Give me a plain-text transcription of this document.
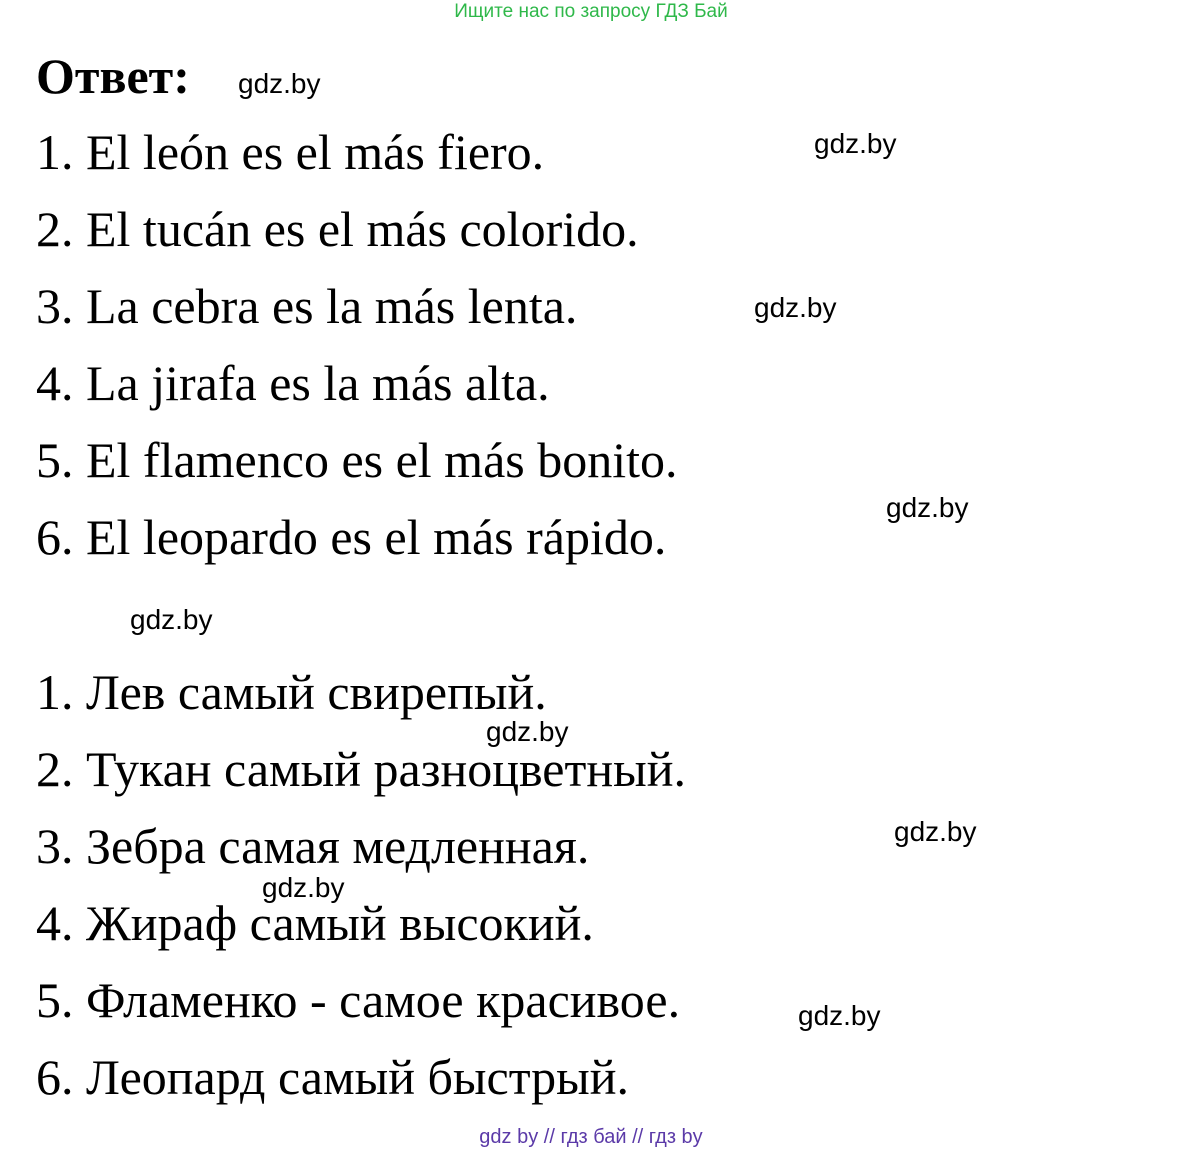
Ищите нас по запросу ГДЗ Бай
Ответ:
1. El león es el más fiero.
2. El tucán es el más colorido.
3. La cebra es la más lenta.
4. La jirafa es la más alta.
5. El flamenco es el más bonito.
6. El leopardo es el más rápido.
1. Лев самый свирепый.
2. Тукан самый разноцветный.
3. Зебра самая медленная.
4. Жираф самый высокий.
5. Фламенко - самое красивое.
6. Леопард самый быстрый.
gdz.by
gdz.by
gdz.by
gdz.by
gdz.by
gdz.by
gdz.by
gdz.by
gdz.by
gdz by // гдз бай // гдз by
